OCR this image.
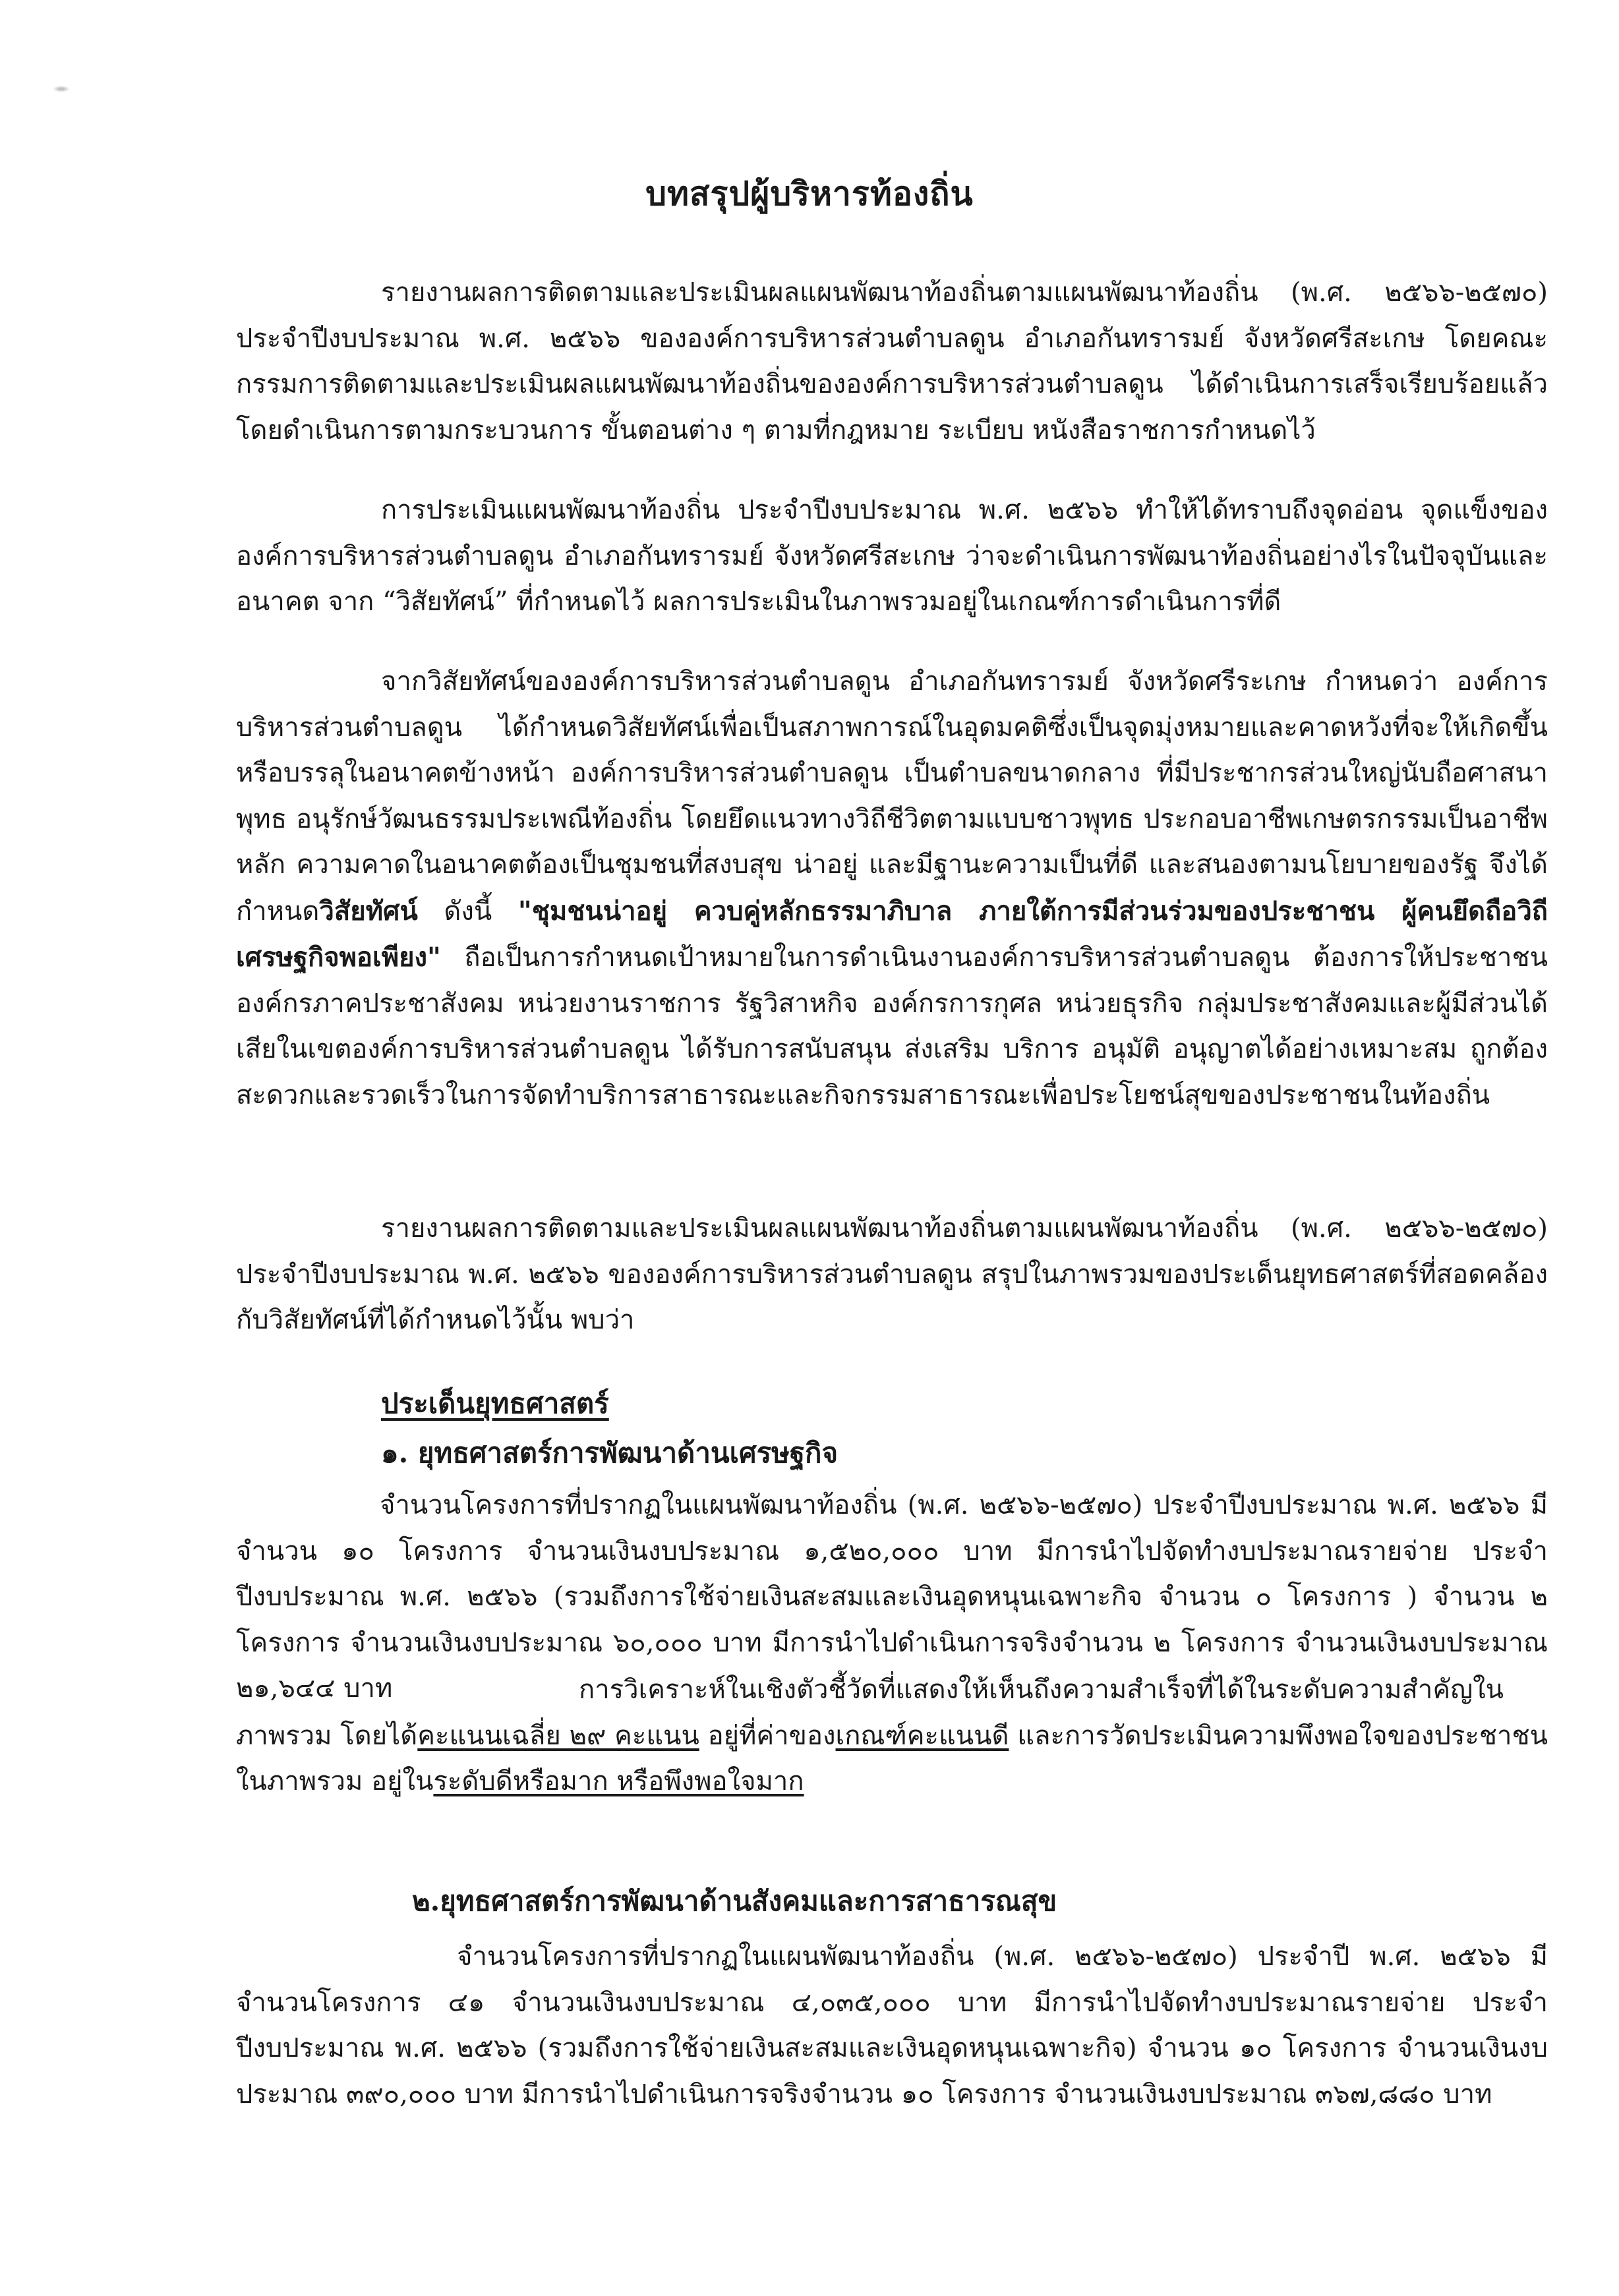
บทสรุปผู้บริหารท้องถิ่น
รายงานผลการติดตามและประเมินผลแผนพัฒนาท้องถิ่นตามแผนพัฒนาท้องถิ่น (พ.ศ. ๒๕๖๖-๒๕๗๐) ประจำปีงบประมาณ พ.ศ. ๒๕๖๖ ขององค์การบริหารส่วนตำบลดูน อำเภอกันทรารมย์ จังหวัดศรีสะเกษ โดยคณะกรรมการติดตามและประเมินผลแผนพัฒนาท้องถิ่นขององค์การบริหารส่วนตำบลดูน ได้ดำเนินการเสร็จเรียบร้อยแล้ว โดยดำเนินการตามกระบวนการ ขั้นตอนต่าง ๆ ตามที่กฎหมาย ระเบียบ หนังสือราชการกำหนดไว้
การประเมินแผนพัฒนาท้องถิ่น ประจำปีงบประมาณ พ.ศ. ๒๕๖๖ ทำให้ได้ทราบถึงจุดอ่อน จุดแข็งขององค์การบริหารส่วนตำบลดูน อำเภอกันทรารมย์ จังหวัดศรีสะเกษ ว่าจะดำเนินการพัฒนาท้องถิ่นอย่างไรในปัจจุบันและอนาคต จาก “วิสัยทัศน์” ที่กำหนดไว้ ผลการประเมินในภาพรวมอยู่ในเกณฑ์การดำเนินการที่ดี
จากวิสัยทัศน์ขององค์การบริหารส่วนตำบลดูน อำเภอกันทรารมย์ จังหวัดศรีระเกษ กำหนดว่า องค์การบริหารส่วนตำบลดูน ได้กำหนดวิสัยทัศน์เพื่อเป็นสภาพการณ์ในอุดมคติซึ่งเป็นจุดมุ่งหมายและคาดหวังที่จะให้เกิดขึ้นหรือบรรลุในอนาคตข้างหน้า องค์การบริหารส่วนตำบลดูน เป็นตำบลขนาดกลาง ที่มีประชากรส่วนใหญ่นับถือศาสนาพุทธ อนุรักษ์วัฒนธรรมประเพณีท้องถิ่น โดยยึดแนวทางวิถีชีวิตตามแบบชาวพุทธ ประกอบอาชีพเกษตรกรรมเป็นอาชีพหลัก ความคาดในอนาคตต้องเป็นชุมชนที่สงบสุข น่าอยู่ และมีฐานะความเป็นที่ดี และสนองตามนโยบายของรัฐ จึงได้กำหนดวิสัยทัศน์ ดังนี้ "ชุมชนน่าอยู่ ควบคู่หลักธรรมาภิบาล ภายใต้การมีส่วนร่วมของประชาชน ผู้คนยึดถือวิถีเศรษฐกิจพอเพียง" ถือเป็นการกำหนดเป้าหมายในการดำเนินงานองค์การบริหารส่วนตำบลดูน ต้องการให้ประชาชน องค์กรภาคประชาสังคม หน่วยงานราชการ รัฐวิสาหกิจ องค์กรการกุศล หน่วยธุรกิจ กลุ่มประชาสังคมและผู้มีส่วนได้เสียในเขตองค์การบริหารส่วนตำบลดูน ได้รับการสนับสนุน ส่งเสริม บริการ อนุมัติ อนุญาตได้อย่างเหมาะสม ถูกต้อง สะดวกและรวดเร็วในการจัดทำบริการสาธารณะและกิจกรรมสาธารณะเพื่อประโยชน์สุขของประชาชนในท้องถิ่น
รายงานผลการติดตามและประเมินผลแผนพัฒนาท้องถิ่นตามแผนพัฒนาท้องถิ่น (พ.ศ. ๒๕๖๖-๒๕๗๐) ประจำปีงบประมาณ พ.ศ. ๒๕๖๖ ขององค์การบริหารส่วนตำบลดูน สรุปในภาพรวมของประเด็นยุทธศาสตร์ที่สอดคล้องกับวิสัยทัศน์ที่ได้กำหนดไว้นั้น พบว่า
ประเด็นยุทธศาสตร์
๑. ยุทธศาสตร์การพัฒนาด้านเศรษฐกิจ
จำนวนโครงการที่ปรากฏในแผนพัฒนาท้องถิ่น (พ.ศ. ๒๕๖๖-๒๕๗๐) ประจำปีงบประมาณ พ.ศ. ๒๕๖๖ มีจำนวน ๑๐ โครงการ จำนวนเงินงบประมาณ ๑,๕๒๐,๐๐๐ บาท มีการนำไปจัดทำงบประมาณรายจ่าย ประจำปีงบประมาณ พ.ศ. ๒๕๖๖ (รวมถึงการใช้จ่ายเงินสะสมและเงินอุดหนุนเฉพาะกิจ จำนวน ๐ โครงการ ) จำนวน ๒ โครงการ จำนวนเงินงบประมาณ ๖๐,๐๐๐ บาท มีการนำไปดำเนินการจริงจำนวน ๒ โครงการ จำนวนเงินงบประมาณ ๒๑,๖๔๔ บาท	การวิเคราะห์ในเชิงตัวชี้วัดที่แสดงให้เห็นถึงความสำเร็จที่ได้ในระดับความสำคัญในภาพรวม โดยได้คะแนนเฉลี่ย ๒๙ คะแนน อยู่ที่ค่าของเกณฑ์คะแนนดี และการวัดประเมินความพึงพอใจของประชาชนในภาพรวม อยู่ในระดับดีหรือมาก หรือพึงพอใจมาก
๒.ยุทธศาสตร์การพัฒนาด้านสังคมและการสาธารณสุข
จำนวนโครงการที่ปรากฏในแผนพัฒนาท้องถิ่น (พ.ศ. ๒๕๖๖-๒๕๗๐) ประจำปี พ.ศ. ๒๕๖๖ มีจำนวนโครงการ ๔๑ จำนวนเงินงบประมาณ ๔,๐๓๕,๐๐๐ บาท มีการนำไปจัดทำงบประมาณรายจ่าย ประจำปีงบประมาณ พ.ศ. ๒๕๖๖ (รวมถึงการใช้จ่ายเงินสะสมและเงินอุดหนุนเฉพาะกิจ) จำนวน ๑๐ โครงการ จำนวนเงินงบประมาณ ๓๙๐,๐๐๐ บาท มีการนำไปดำเนินการจริงจำนวน ๑๐ โครงการ จำนวนเงินงบประมาณ ๓๖๗,๘๘๐ บาท
